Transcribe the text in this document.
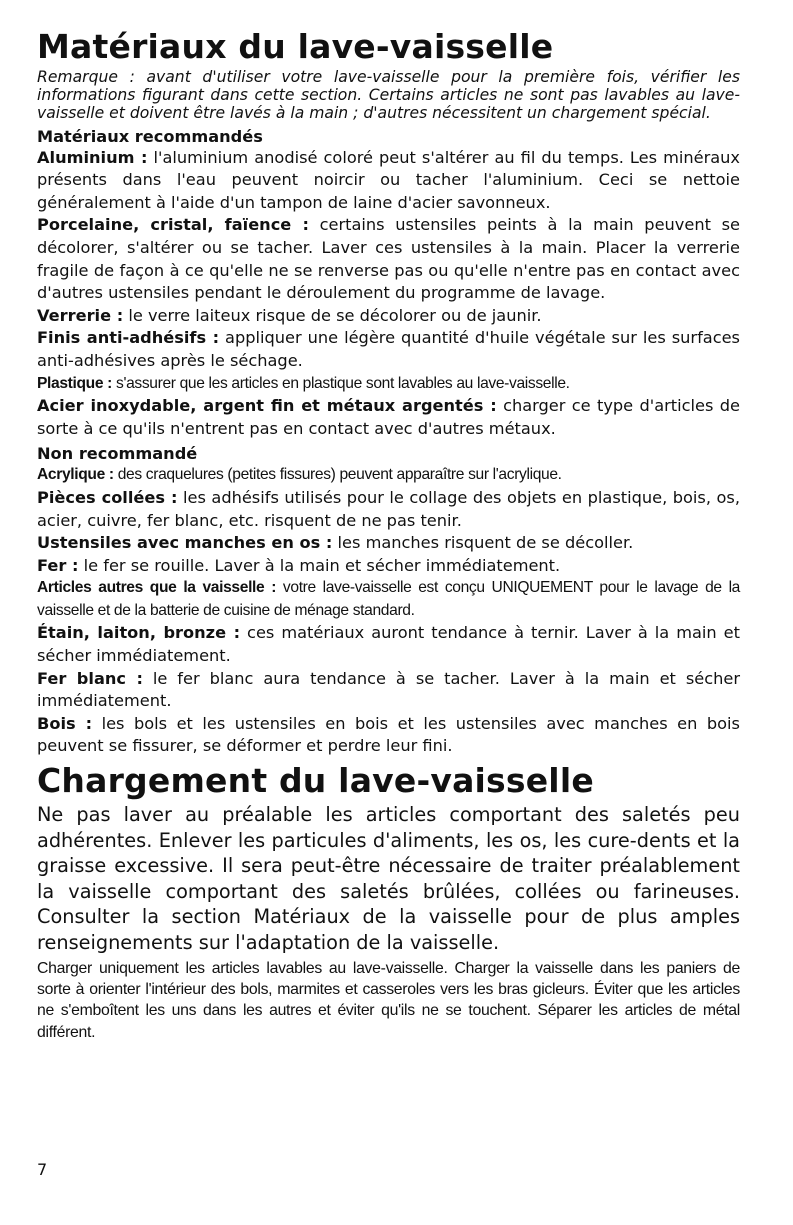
Matériaux du lave-vaisselle

Remarque : avant d'utiliser votre lave-vaisselle pour la première fois, vérifier les informations figurant dans cette section. Certains articles ne sont pas lavables au lave-vaisselle et doivent être lavés à la main ; d'autres nécessitent un chargement spécial.

Matériaux recommandés

Aluminium : l'aluminium anodisé coloré peut s'altérer au fil du temps. Les minéraux présents dans l'eau peuvent noircir ou tacher l'aluminium. Ceci se nettoie généralement à l'aide d'un tampon de laine d'acier savonneux.

Porcelaine, cristal, faïence : certains ustensiles peints à la main peuvent se décolorer, s'altérer ou se tacher. Laver ces ustensiles à la main. Placer la verrerie fragile de façon à ce qu'elle ne se renverse pas ou qu'elle n'entre pas en contact avec d'autres ustensiles pendant le déroulement du programme de lavage.

Verrerie : le verre laiteux risque de se décolorer ou de jaunir.

Finis anti-adhésifs : appliquer une légère quantité d'huile végétale sur les surfaces anti-adhésives après le séchage.

Plastique : s'assurer que les articles en plastique sont lavables au lave-vaisselle.

Acier inoxydable, argent fin et métaux argentés : charger ce type d'articles de sorte à ce qu'ils n'entrent pas en contact avec d'autres métaux.

Non recommandé

Acrylique : des craquelures (petites fissures) peuvent apparaître sur l'acrylique.

Pièces collées : les adhésifs utilisés pour le collage des objets en plastique, bois, os, acier, cuivre, fer blanc, etc. risquent de ne pas tenir.

Ustensiles avec manches en os : les manches risquent de se décoller.

Fer : le fer se rouille. Laver à la main et sécher immédiatement.

Articles autres que la vaisselle : votre lave-vaisselle est conçu UNIQUEMENT pour le lavage de la vaisselle et de la batterie de cuisine de ménage standard.

Étain, laiton, bronze : ces matériaux auront tendance à ternir. Laver à la main et sécher immédiatement.

Fer blanc : le fer blanc aura tendance à se tacher. Laver à la main et sécher immédiatement.

Bois : les bols et les ustensiles en bois et les ustensiles avec manches en bois peuvent se fissurer, se déformer et perdre leur fini.

Chargement du lave-vaisselle

Ne pas laver au préalable les articles comportant des saletés peu adhérentes. Enlever les particules d'aliments, les os, les cure-dents et la graisse excessive. Il sera peut-être nécessaire de traiter préalablement la vaisselle comportant des saletés brûlées, collées ou farineuses. Consulter la section Matériaux de la vaisselle pour de plus amples renseignements sur l'adaptation de la vaisselle.

Charger uniquement les articles lavables au lave-vaisselle. Charger la vaisselle dans les paniers de sorte à orienter l'intérieur des bols, marmites et casseroles vers les bras gicleurs. Éviter que les articles ne s'emboîtent les uns dans les autres et éviter qu'ils ne se touchent. Séparer les articles de métal différent.

7
